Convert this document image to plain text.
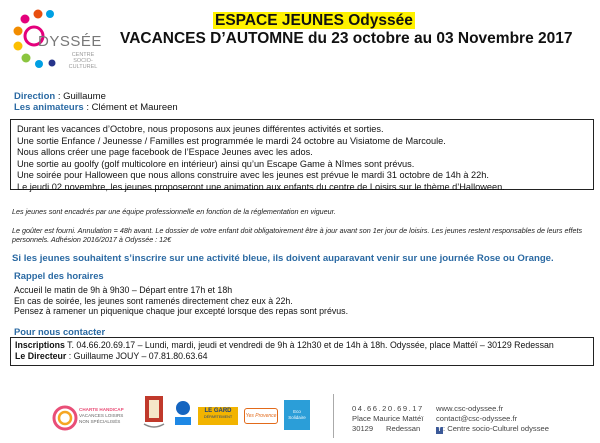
DYSSÉE
CENTRE
SOCIO-
CULTUREL
ESPACE JEUNES Odyssée
VACANCES D’AUTOMNE du 23 octobre au 03 Novembre 2017
Direction : Guillaume
Les animateurs : Clément et Maureen
Durant les vacances d’Octobre, nous proposons aux jeunes différentes activités et sorties.
Une sortie Enfance / Jeunesse / Familles est programmée le mardi 24 octobre au Visiatome de Marcoule.
Nous allons créer une page facebook de l’Espace Jeunes avec les ados.
Une sortie au goolfy (golf multicolore en intérieur) ainsi qu’un Escape Game à Nîmes sont prévus.
Une soirée pour Halloween que nous allons construire avec les jeunes est prévue le mardi 31 octobre de 14h à 22h.
Le jeudi 02 novembre, les jeunes proposeront une animation aux enfants du centre de Loisirs sur le thème d’Halloween.
Les jeunes sont encadrés par une équipe professionnelle en fonction de la réglementation en vigueur.
Le goûter est fourni. Annulation = 48h avant. Le dossier de votre enfant doit obligatoirement être à jour avant son 1er jour de loisirs. Les jeunes restent responsables de leurs effets personnels. Adhésion 2016/2017 à Odyssée : 12€
Si les jeunes souhaitent s’inscrire sur une activité bleue, ils doivent auparavant venir sur une journée Rose ou Orange.
Rappel des horaires
Accueil le matin de 9h à 9h30 – Départ entre 17h et 18h
En cas de soirée, les jeunes sont ramenés directement chez eux à 22h.
Pensez à ramener un piquenique chaque jour excepté lorsque des repas sont prévus.
Pour nous contacter
Inscriptions T. 04.66.20.69.17 – Lundi, mardi, jeudi et vendredi de 9h à 12h30 et de 14h à 18h. Odyssée, place Mattéï – 30129 Redessan
Le Directeur : Guillaume JOUY – 07.81.80.63.64
CHARTE HANDICAP
VACANCES LOISIRS
NON SPÉCIALISÉS
LE GARD
DÉPARTEMENT	Yes Provence
Eco Solidaire
04.66.20.69.17
Place Maurice Mattéï
30129 Redessan
www.csc-odyssee.fr
contact@csc-odyssee.fr
f : Centre socio-Culturel odyssee
